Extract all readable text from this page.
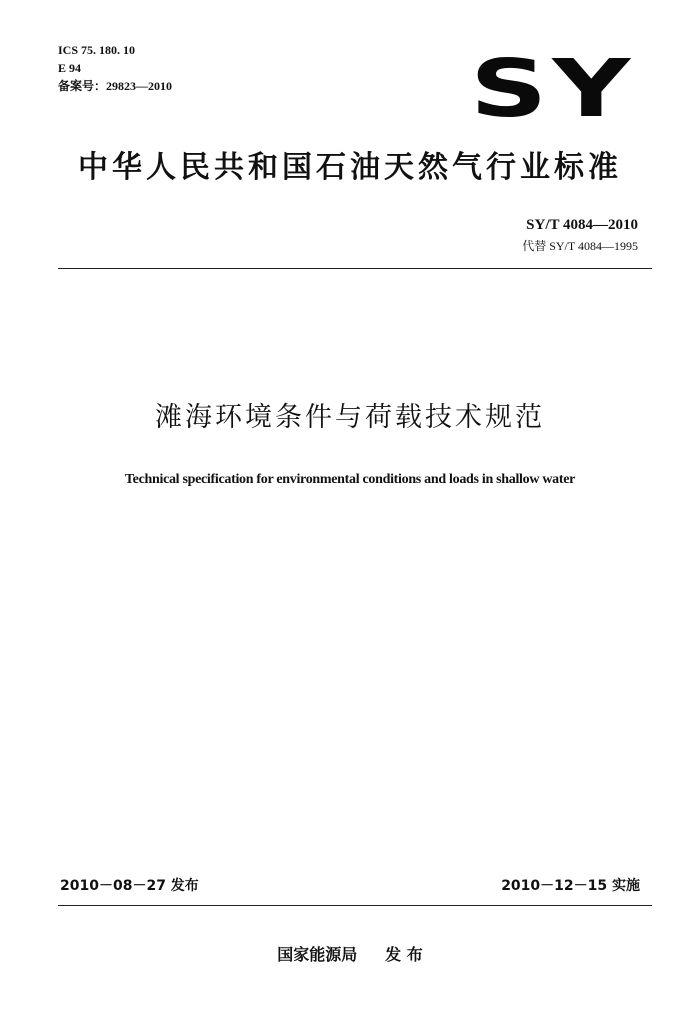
ICS 75. 180. 10
E 94
备案号：29823—2010	SY
中华人民共和国石油天然气行业标准
SY/T 4084—2010
代替 SY/T 4084—1995
滩海环境条件与荷载技术规范
Technical specification for environmental conditions and loads in shallow water
2010－08－27 发布	2010－12－15 实施
国家能源局 发 布
